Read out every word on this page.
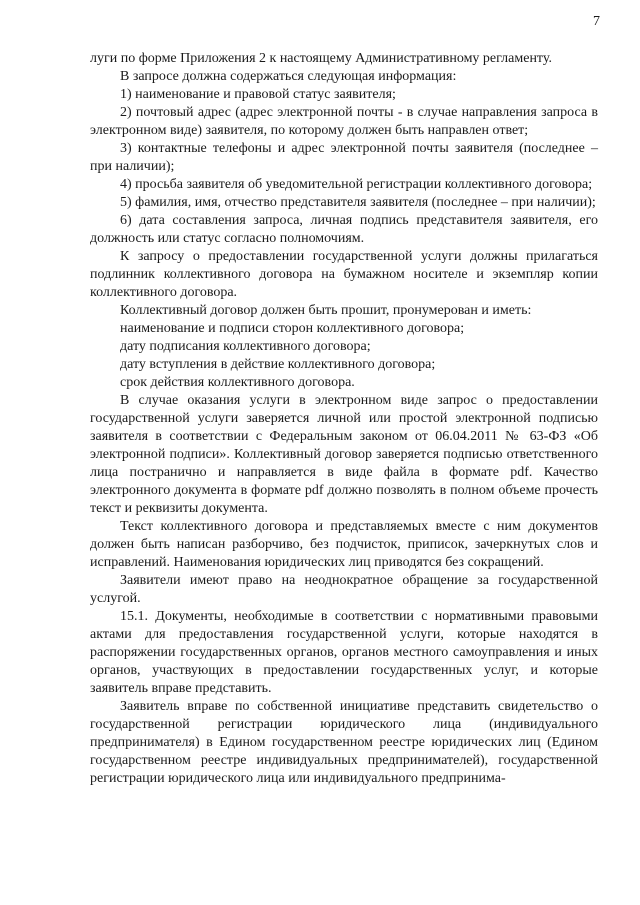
7

луги по форме Приложения 2 к настоящему Административному регламенту.

В запросе должна содержаться следующая информация:

1) наименование и правовой статус заявителя;

2) почтовый адрес (адрес электронной почты - в случае направления запроса в электронном виде) заявителя, по которому должен быть направлен ответ;

3) контактные телефоны и адрес электронной почты заявителя (последнее – при наличии);

4) просьба заявителя об уведомительной регистрации коллективного договора;

5) фамилия, имя, отчество представителя заявителя (последнее – при наличии);

6) дата составления запроса, личная подпись представителя заявителя, его должность или статус согласно полномочиям.

К запросу о предоставлении государственной услуги должны прилагаться подлинник коллективного договора на бумажном носителе и экземпляр копии коллективного договора.

Коллективный договор должен быть прошит, пронумерован и иметь:

наименование и подписи сторон коллективного договора;

дату подписания коллективного договора;

дату вступления в действие коллективного договора;

срок действия коллективного договора.

В случае оказания услуги в электронном виде запрос о предоставлении государственной услуги заверяется личной или простой электронной подписью заявителя в соответствии с Федеральным законом от 06.04.2011 № 63-ФЗ «Об электронной подписи». Коллективный договор заверяется подписью ответственного лица постранично и направляется в виде файла в формате pdf. Качество электронного документа в формате pdf должно позволять в полном объеме прочесть текст и реквизиты документа.

Текст коллективного договора и представляемых вместе с ним документов должен быть написан разборчиво, без подчисток, приписок, зачеркнутых слов и исправлений. Наименования юридических лиц приводятся без сокращений.

Заявители имеют право на неоднократное обращение за государственной услугой.

15.1. Документы, необходимые в соответствии с нормативными правовыми актами для предоставления государственной услуги, которые находятся в распоряжении государственных органов, органов местного самоуправления и иных органов, участвующих в предоставлении государственных услуг, и которые заявитель вправе представить.

Заявитель вправе по собственной инициативе представить свидетельство о государственной регистрации юридического лица (индивидуального предпринимателя) в Едином государственном реестре юридических лиц (Едином государственном реестре индивидуальных предпринимателей), государственной регистрации юридического лица или индивидуального предпринима-
